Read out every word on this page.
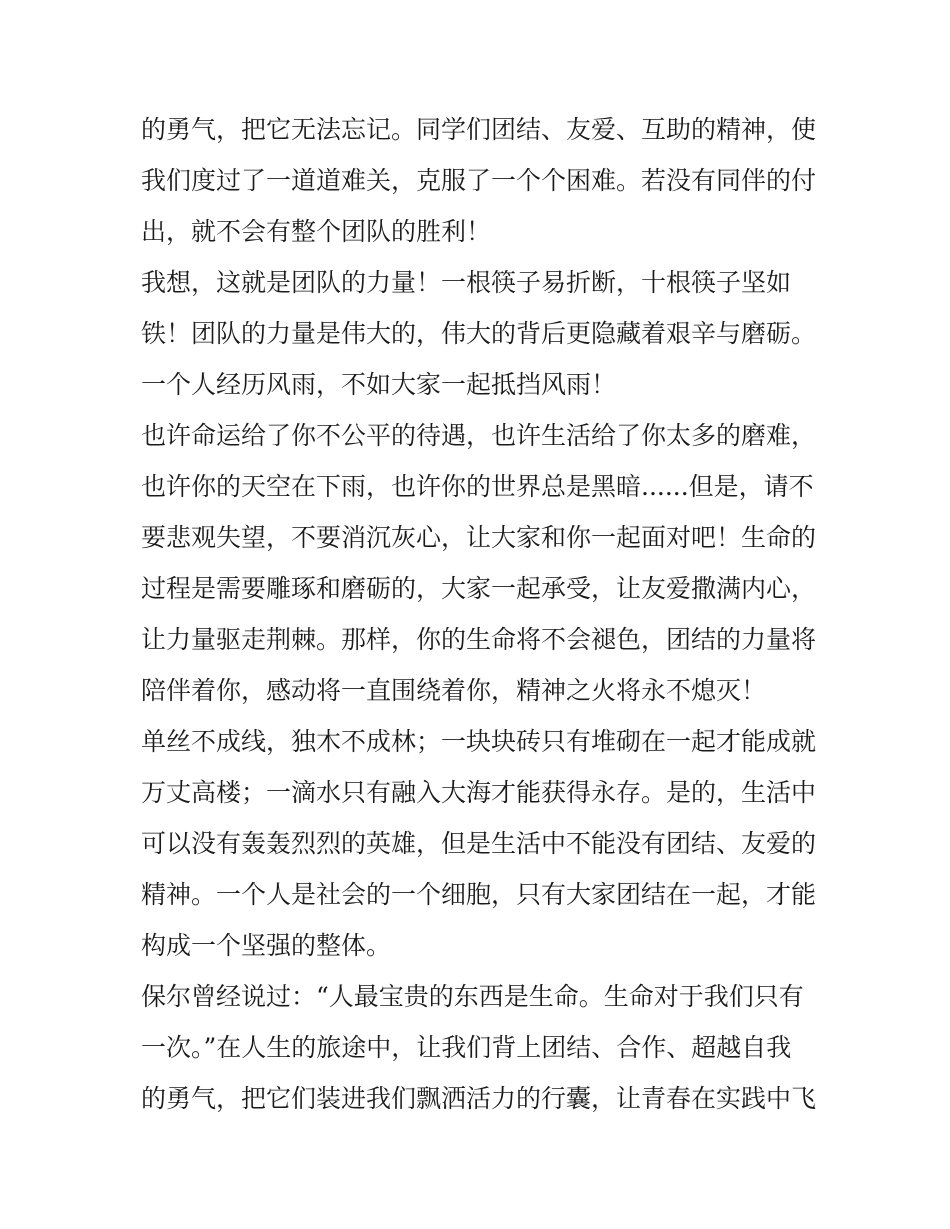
的勇气，把它无法忘记。同学们团结、友爱、互助的精神，使
我们度过了一道道难关，克服了一个个困难。若没有同伴的付
出，就不会有整个团队的胜利！
我想，这就是团队的力量！一根筷子易折断，十根筷子坚如
铁！团队的力量是伟大的，伟大的背后更隐藏着艰辛与磨砺。
一个人经历风雨，不如大家一起抵挡风雨！
也许命运给了你不公平的待遇，也许生活给了你太多的磨难，
也许你的天空在下雨，也许你的世界总是黑暗......但是，请不
要悲观失望，不要消沉灰心，让大家和你一起面对吧！生命的
过程是需要雕琢和磨砺的，大家一起承受，让友爱撒满内心，
让力量驱走荆棘。那样，你的生命将不会褪色，团结的力量将
陪伴着你，感动将一直围绕着你，精神之火将永不熄灭！
单丝不成线，独木不成林；一块块砖只有堆砌在一起才能成就
万丈高楼；一滴水只有融入大海才能获得永存。是的，生活中
可以没有轰轰烈烈的英雄，但是生活中不能没有团结、友爱的
精神。一个人是社会的一个细胞，只有大家团结在一起，才能
构成一个坚强的整体。
保尔曾经说过：“人最宝贵的东西是生命。生命对于我们只有
一次。”在人生的旅途中，让我们背上团结、合作、超越自我
的勇气，把它们装进我们飘洒活力的行囊，让青春在实践中飞
